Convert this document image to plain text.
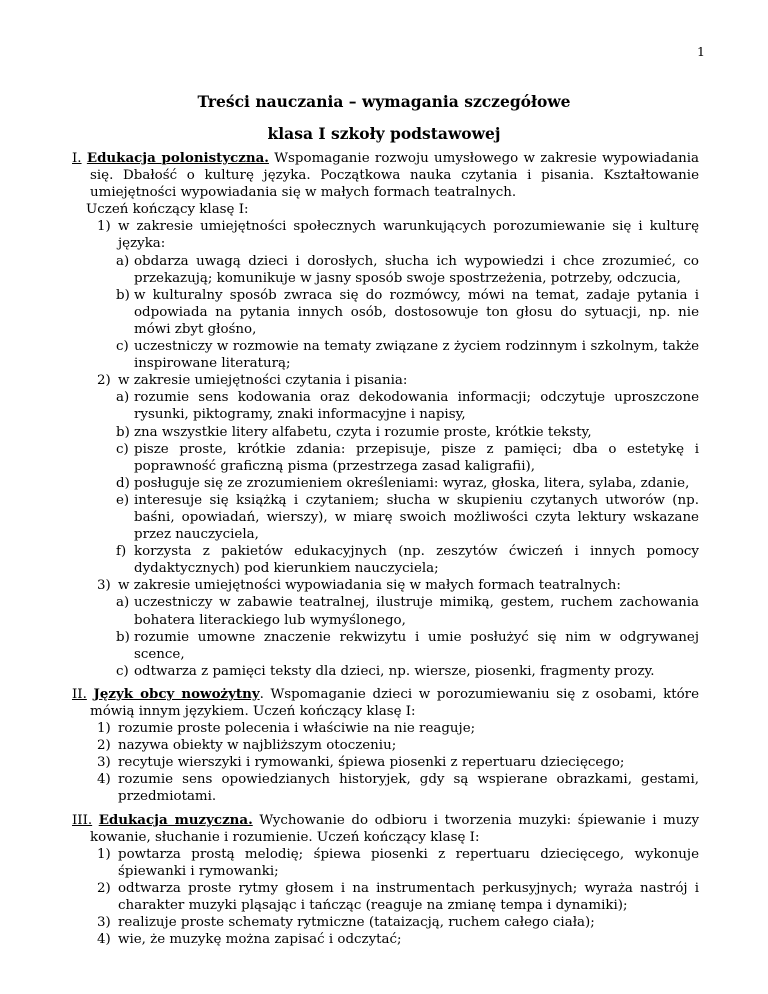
1
Treści nauczania – wymagania szczegółowe
klasa I szkoły podstawowej
I. Edukacja polonistyczna. Wspomaganie rozwoju umysłowego w zakresie wypowiadania się. Dbałość o kulturę języka. Początkowa nauka czytania i pisania. Kształtowanie umiejętności wypowiadania się w małych formach teatralnych.
Uczeń kończący klasę I:
1) w zakresie umiejętności społecznych warunkujących porozumiewanie się i kulturę języka:
a) obdarza uwagą dzieci i dorosłych, słucha ich wypowiedzi i chce zrozumieć, co przekazują; komunikuje w jasny sposób swoje spostrzeżenia, potrzeby, odczucia,
b) w kulturalny sposób zwraca się do rozmówcy, mówi na temat, zadaje pytania i odpowiada na pytania innych osób, dostosowuje ton głosu do sytuacji, np. nie mówi zbyt głośno,
c) uczestniczy w rozmowie na tematy związane z życiem rodzinnym i szkolnym, także inspirowane literaturą;
2) w zakresie umiejętności czytania i pisania:
a) rozumie sens kodowania oraz dekodowania informacji; odczytuje uproszczone rysunki, piktogramy, znaki informacyjne i napisy,
b) zna wszystkie litery alfabetu, czyta i rozumie proste, krótkie teksty,
c) pisze proste, krótkie zdania: przepisuje, pisze z pamięci; dba o estetykę i poprawność graficzną pisma (przestrzega zasad kaligrafii),
d) posługuje się ze zrozumieniem określeniami: wyraz, głoska, litera, sylaba, zdanie,
e) interesuje się książką i czytaniem; słucha w skupieniu czytanych utworów (np. baśni, opowiadań, wierszy), w miarę swoich możliwości czyta lektury wskazane przez nauczyciela,
f) korzysta z pakietów edukacyjnych (np. zeszytów ćwiczeń i innych pomocy dydaktycznych) pod kierunkiem nauczyciela;
3) w zakresie umiejętności wypowiadania się w małych formach teatralnych:
a) uczestniczy w zabawie teatralnej, ilustruje mimiką, gestem, ruchem zachowania bohatera literackiego lub wymyślonego,
b) rozumie umowne znaczenie rekwizytu i umie posłużyć się nim w odgrywanej scence,
c) odtwarza z pamięci teksty dla dzieci, np. wiersze, piosenki, fragmenty prozy.
II. Język obcy nowożytny. Wspomaganie dzieci w porozumiewaniu się z osobami, które mówią innym językiem. Uczeń kończący klasę I:
1) rozumie proste polecenia i właściwie na nie reaguje;
2) nazywa obiekty w najbliższym otoczeniu;
3) recytuje wierszyki i rymowanki, śpiewa piosenki z repertuaru dziecięcego;
4) rozumie sens opowiedzianych historyjek, gdy są wspierane obrazkami, gestami, przedmiotami.
III. Edukacja muzyczna. Wychowanie do odbioru i tworzenia muzyki: śpiewanie i muzy kowanie, słuchanie i rozumienie. Uczeń kończący klasę I:
1) powtarza prostą melodię; śpiewa piosenki z repertuaru dziecięcego, wykonuje śpiewanki i rymowanki;
2) odtwarza proste rytmy głosem i na instrumentach perkusyjnych; wyraża nastrój i charakter muzyki pląsając i tańcząc (reaguje na zmianę tempa i dynamiki);
3) realizuje proste schematy rytmiczne (tataizacją, ruchem całego ciała);
4) wie, że muzykę można zapisać i odczytać;
